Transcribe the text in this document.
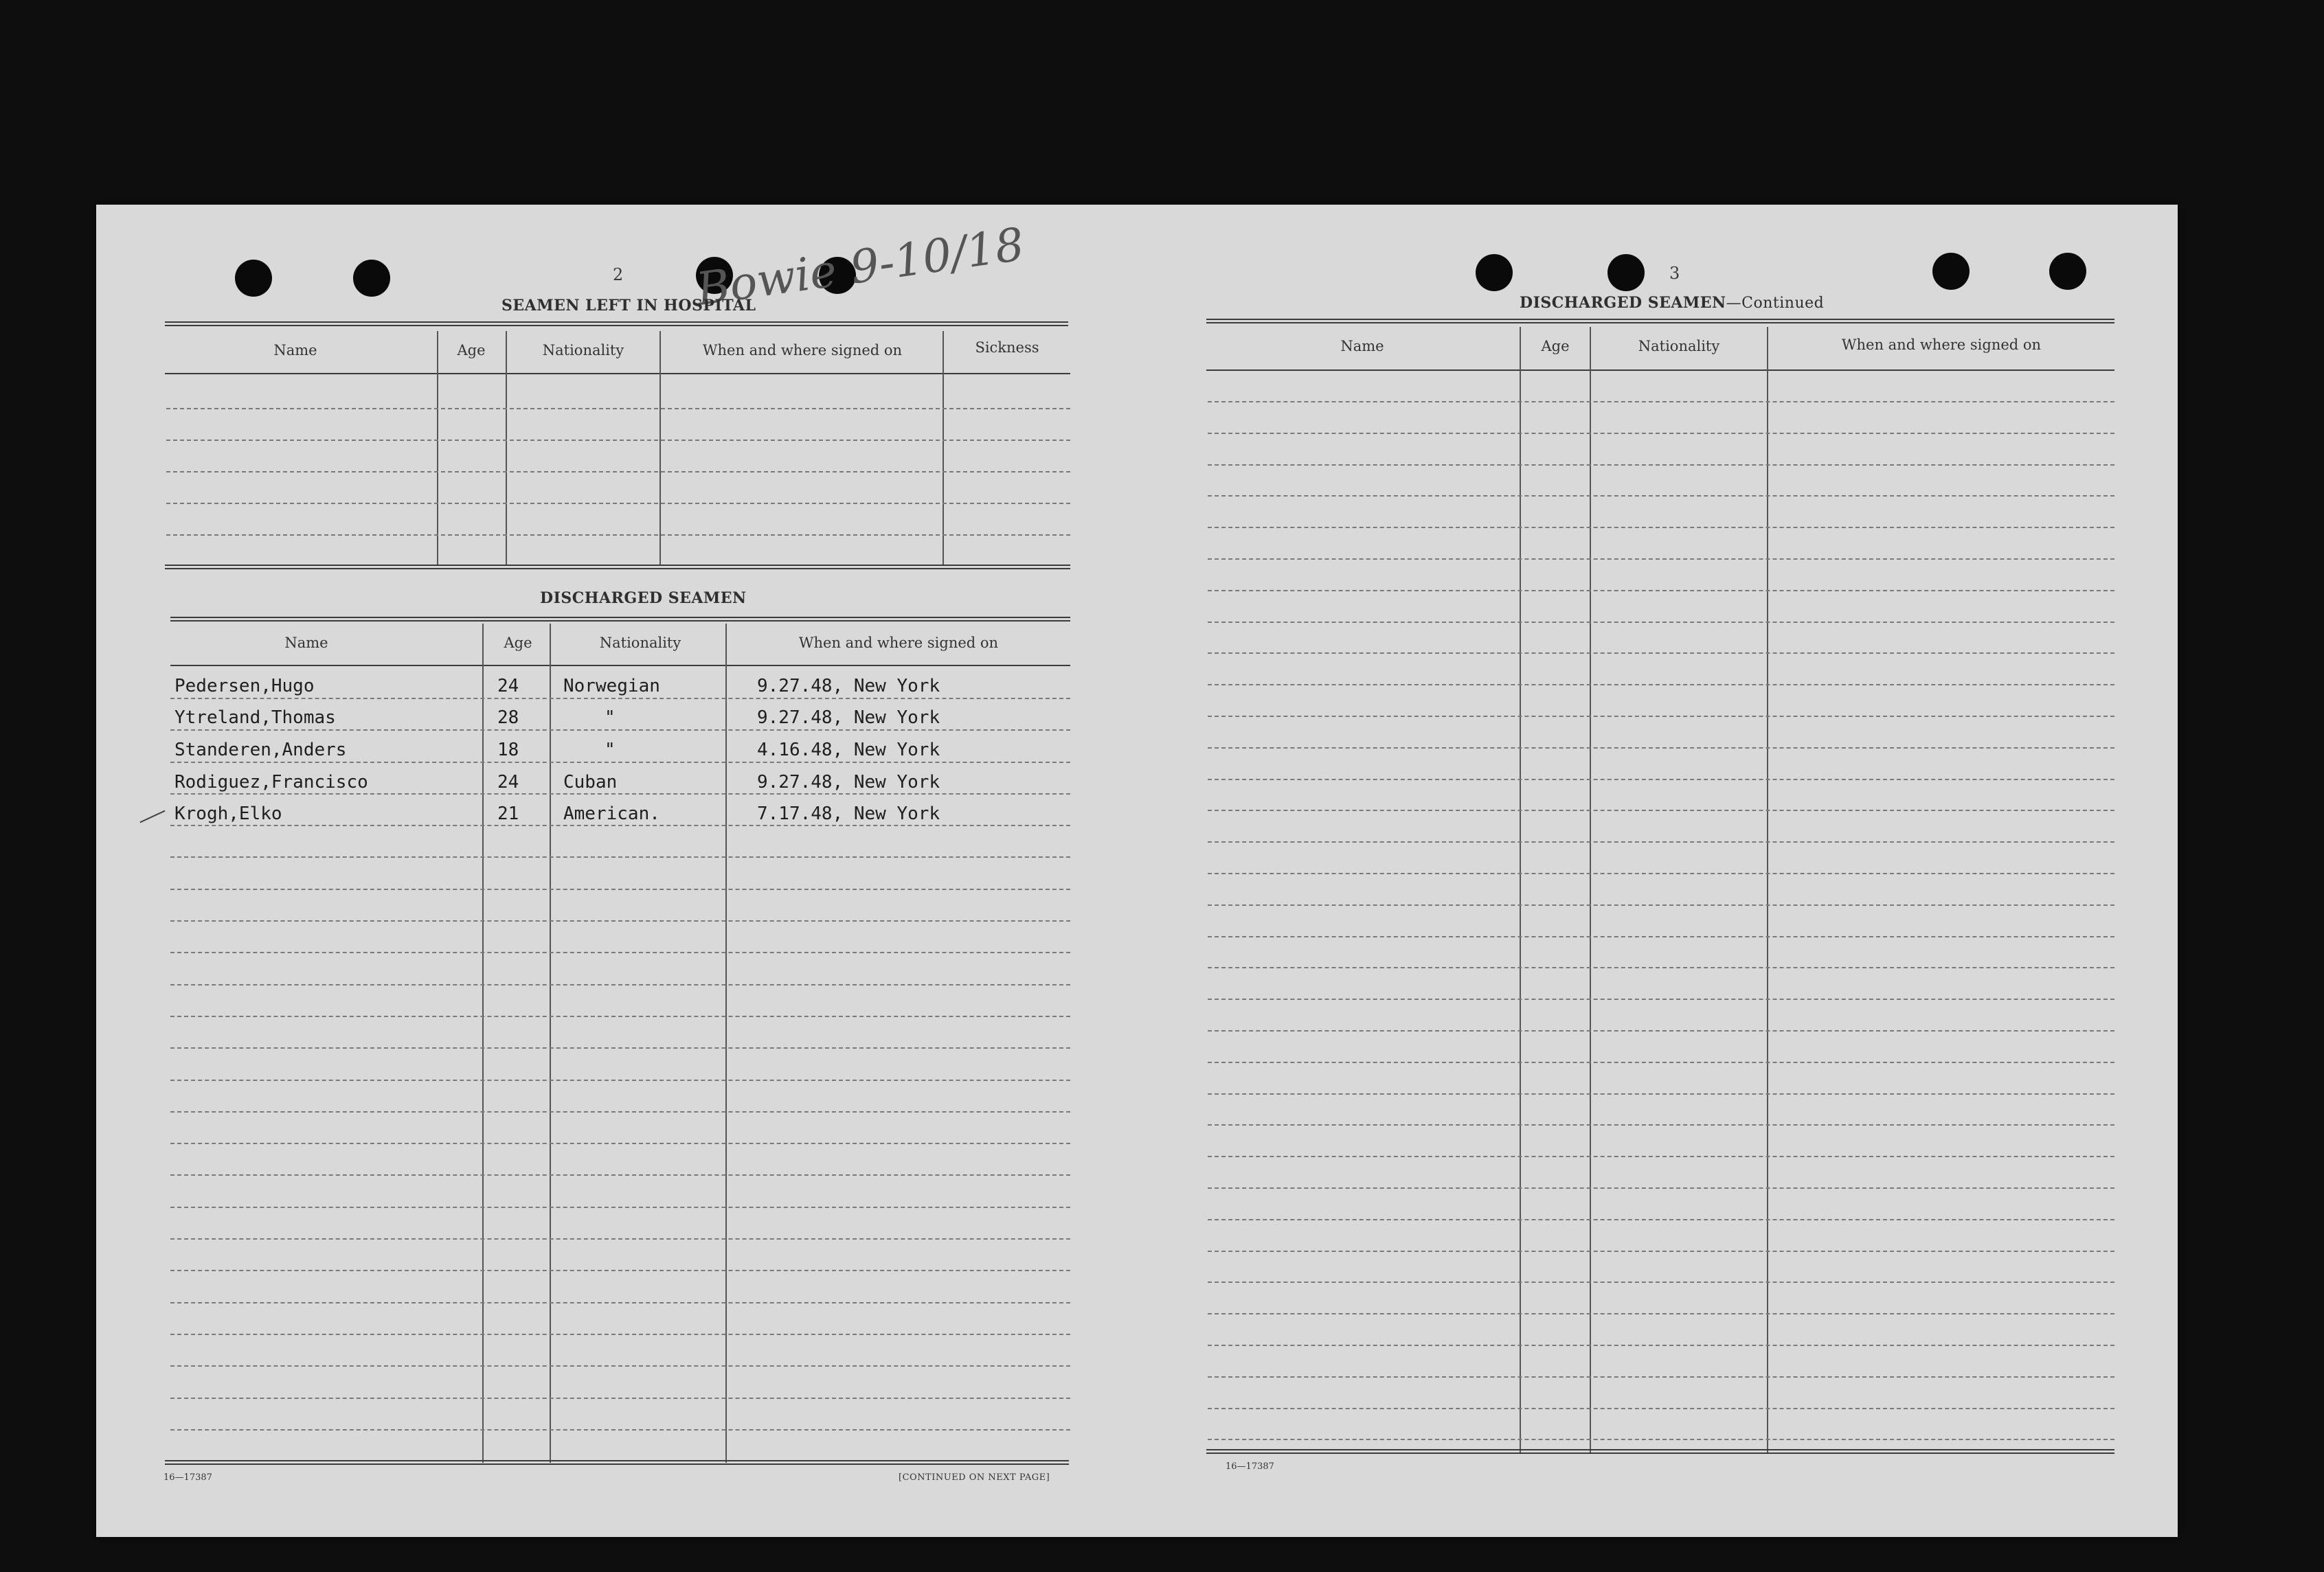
Bowie 9-10/18
2
SEAMEN LEFT IN HOSPITAL
Name	Age	Nationality	When and where signed on	Sickness
DISCHARGED SEAMEN
Name	Age	Nationality	When and where signed on
Pedersen,Hugo	24 Norwegian	9.27.48, New York
Ytreland,Thomas	28	"	9.27.48, New York
Standeren,Anders	18	"	4.16.48, New York
Rodiguez,Francisco	24 Cuban	9.27.48, New York
Krogh,Elko	21 American.	7.17.48, New York
16—17387	[CONTINUED ON NEXT PAGE]
3
DISCHARGED SEAMEN—Continued
Name	Age	Nationality	When and where signed on
16—17387
